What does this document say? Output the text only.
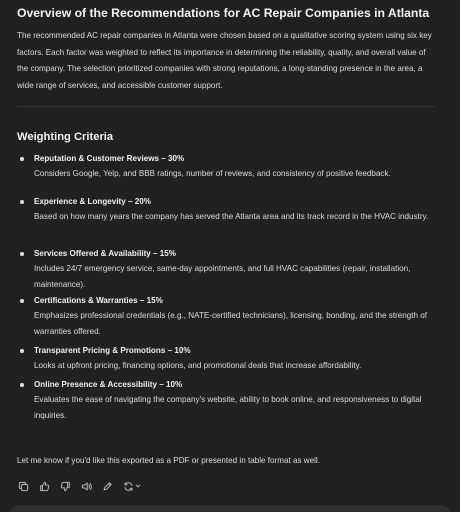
Overview of the Recommendations for AC Repair Companies in Atlanta

The recommended AC repair companies in Atlanta were chosen based on a qualitative scoring system using six key factors. Each factor was weighted to reflect its importance in determining the reliability, quality, and overall value of the company. The selection prioritized companies with strong reputations, a long-standing presence in the area, a wide range of services, and accessible customer support.

Weighting Criteria
Reputation & Customer Reviews – 30%
Considers Google, Yelp, and BBB ratings, number of reviews, and consistency of positive feedback.
Experience & Longevity – 20%
Based on how many years the company has served the Atlanta area and its track record in the HVAC industry.
Services Offered & Availability – 15%
Includes 24/7 emergency service, same-day appointments, and full HVAC capabilities (repair, installation, maintenance).
Certifications & Warranties – 15%
Emphasizes professional credentials (e.g., NATE-certified technicians), licensing, bonding, and the strength of warranties offered.
Transparent Pricing & Promotions – 10%
Looks at upfront pricing, financing options, and promotional deals that increase affordability.
Online Presence & Accessibility – 10%
Evaluates the ease of navigating the company's website, ability to book online, and responsiveness to digital inquiries.

Let me know if you'd like this exported as a PDF or presented in table format as well.
